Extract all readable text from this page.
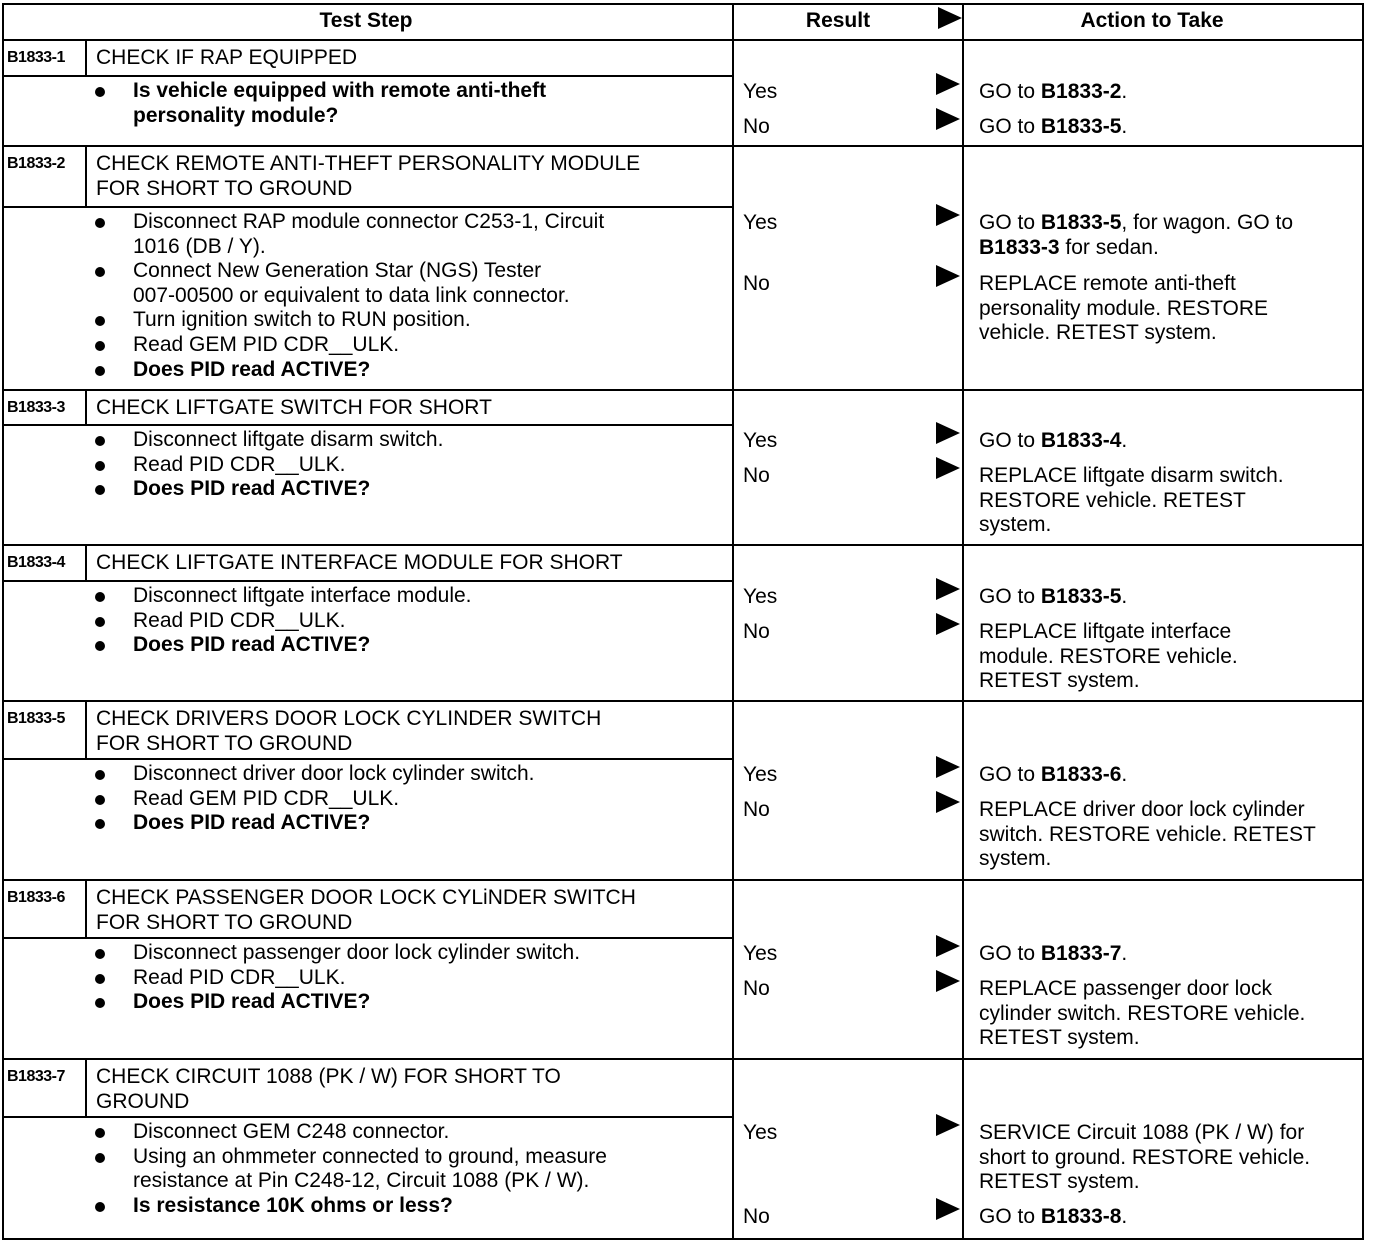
Test Step	Result	Action to Take
B1833-1 CHECK IF RAP EQUIPPED
Is vehicle equipped with remote anti-theft
personality module?
Yes	GO to B1833-2.
No	GO to B1833-5.
B1833-2 CHECK REMOTE ANTI-THEFT PERSONALITY MODULE
FOR SHORT TO GROUND
Disconnect RAP module connector C253-1, Circuit
1016 (DB / Y).
Connect New Generation Star (NGS) Tester
007-00500 or equivalent to data link connector.
Turn ignition switch to RUN position.
Read GEM PID CDR__ULK.
Does PID read ACTIVE?
Yes	GO to B1833-5, for wagon. GO to
B1833-3 for sedan.
No	REPLACE remote anti-theft
personality module. RESTORE
vehicle. RETEST system.
B1833-3 CHECK LIFTGATE SWITCH FOR SHORT
Disconnect liftgate disarm switch.
Read PID CDR__ULK.
Does PID read ACTIVE?
Yes	GO to B1833-4.
No	REPLACE liftgate disarm switch.
RESTORE vehicle. RETEST
system.
B1833-4 CHECK LIFTGATE INTERFACE MODULE FOR SHORT
Disconnect liftgate interface module.
Read PID CDR__ULK.
Does PID read ACTIVE?
Yes	GO to B1833-5.
No	REPLACE liftgate interface
module. RESTORE vehicle.
RETEST system.
B1833-5 CHECK DRIVERS DOOR LOCK CYLINDER SWITCH
FOR SHORT TO GROUND
Disconnect driver door lock cylinder switch.
Read GEM PID CDR__ULK.
Does PID read ACTIVE?
Yes	GO to B1833-6.
No	REPLACE driver door lock cylinder
switch. RESTORE vehicle. RETEST
system.
B1833-6 CHECK PASSENGER DOOR LOCK CYLiNDER SWITCH
FOR SHORT TO GROUND
Disconnect passenger door lock cylinder switch.
Read PID CDR__ULK.
Does PID read ACTIVE?
Yes	GO to B1833-7.
No	REPLACE passenger door lock
cylinder switch. RESTORE vehicle.
RETEST system.
B1833-7 CHECK CIRCUIT 1088 (PK / W) FOR SHORT TO
GROUND
Disconnect GEM C248 connector.
Using an ohmmeter connected to ground, measure
resistance at Pin C248-12, Circuit 1088 (PK / W).
Is resistance 10K ohms or less?
Yes	SERVICE Circuit 1088 (PK / W) for
short to ground. RESTORE vehicle.
RETEST system.
No	GO to B1833-8.
